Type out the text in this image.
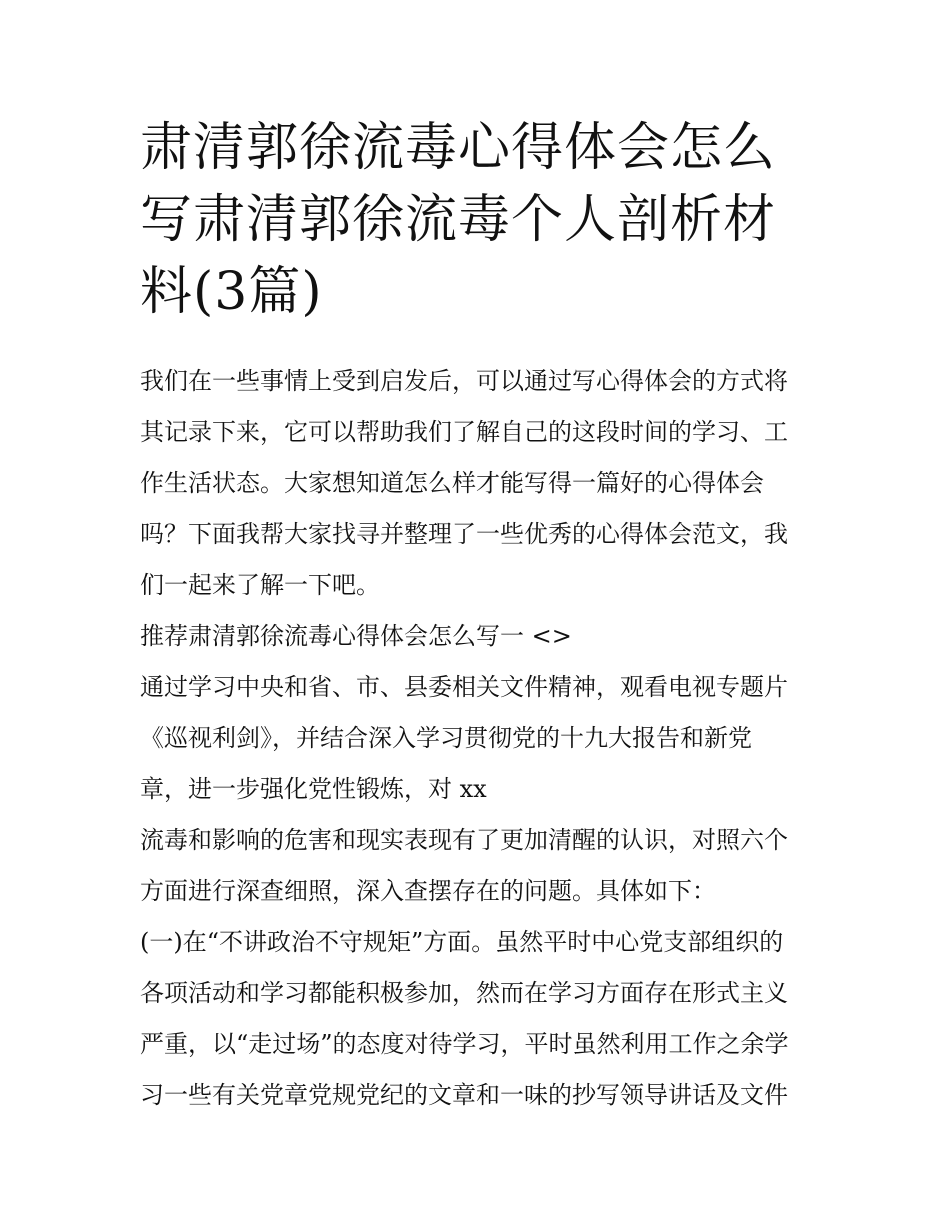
肃清郭徐流毒心得体会怎么写肃清郭徐流毒个人剖析材料(3篇)
我们在一些事情上受到启发后，可以通过写心得体会的方式将
其记录下来，它可以帮助我们了解自己的这段时间的学习、工
作生活状态。大家想知道怎么样才能写得一篇好的心得体会
吗？下面我帮大家找寻并整理了一些优秀的心得体会范文，我
们一起来了解一下吧。
推荐肃清郭徐流毒心得体会怎么写一 <>
通过学习中央和省、市、县委相关文件精神，观看电视专题片
《巡视利剑》，并结合深入学习贯彻党的十九大报告和新党
章，进一步强化党性锻炼，对 xx
流毒和影响的危害和现实表现有了更加清醒的认识，对照六个
方面进行深查细照，深入查摆存在的问题。具体如下：
(一)在“不讲政治不守规矩”方面。虽然平时中心党支部组织的
各项活动和学习都能积极参加，然而在学习方面存在形式主义
严重，以“走过场”的态度对待学习，平时虽然利用工作之余学
习一些有关党章党规党纪的文章和一味的抄写领导讲话及文件
